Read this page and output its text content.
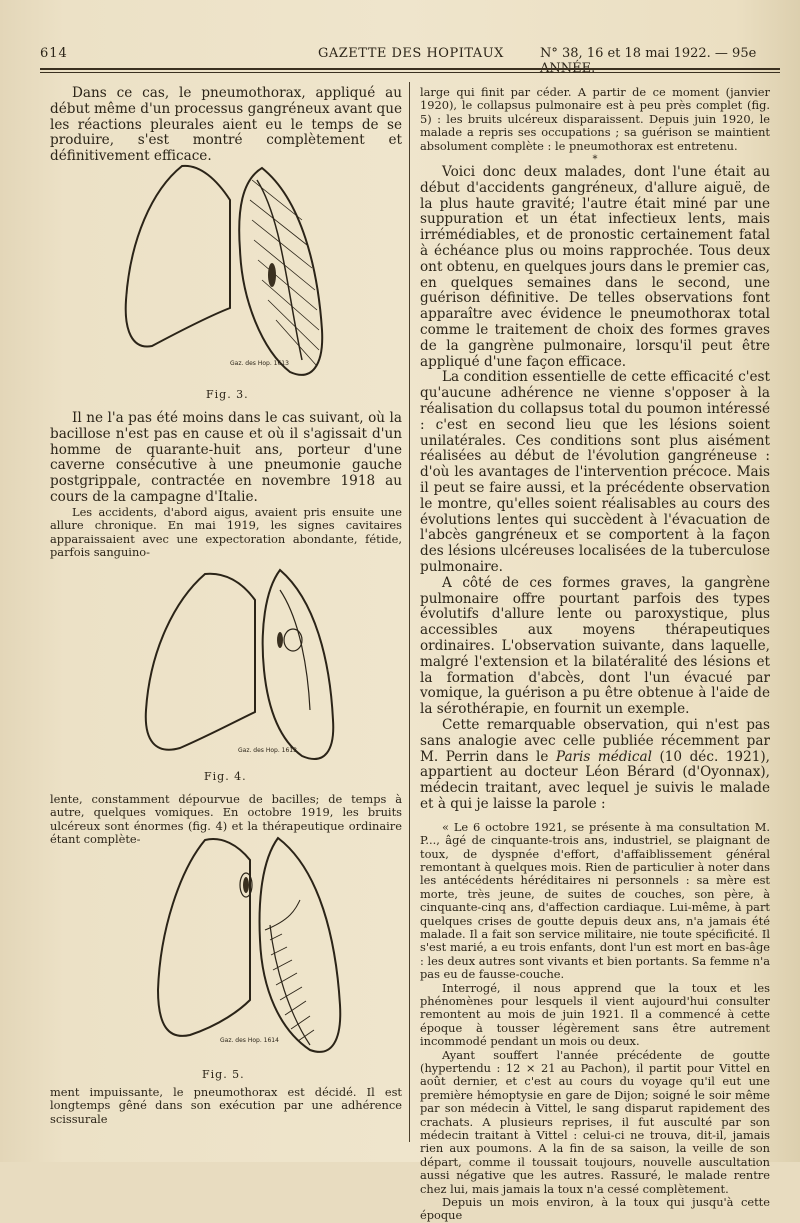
614	GAZETTE DES HOPITAUX	N° 38, 16 et 18 mai 1922. — 95e ANNÉE.

Dans ce cas, le pneumothorax, appliqué au début même d'un processus gangréneux avant que les réactions pleurales aient eu le temps de se produire, s'est montré complètement et définitivement efficace.

Gaz. des Hop. 1613
Fig. 3.

Il ne l'a pas été moins dans le cas suivant, où la bacillose n'est pas en cause et où il s'agissait d'un homme de quarante-huit ans, porteur d'une caverne consécutive à une pneumonie gauche postgrippale, contractée en novembre 1918 au cours de la campagne d'Italie.

Les accidents, d'abord aigus, avaient pris ensuite une allure chronique. En mai 1919, les signes cavitaires apparaissaient avec une expectoration abondante, fétide, parfois sanguino-

Gaz. des Hop. 1613
Fig. 4.

lente, constamment dépourvue de bacilles; de temps à autre, quelques vomiques. En octobre 1919, les bruits ulcéreux sont énormes (fig. 4) et la thérapeutique ordinaire étant complète-

Gaz. des Hop. 1614
Fig. 5.

ment impuissante, le pneumothorax est décidé. Il est longtemps gêné dans son exécution par une adhérence scissurale

large qui finit par céder. A partir de ce moment (janvier 1920), le collapsus pulmonaire est à peu près complet (fig. 5) : les bruits ulcéreux disparaissent. Depuis juin 1920, le malade a repris ses occupations ; sa guérison se maintient absolument complète : le pneumothorax est entretenu.

*

Voici donc deux malades, dont l'une était au début d'accidents gangréneux, d'allure aiguë, de la plus haute gravité; l'autre était miné par une suppuration et un état infectieux lents, mais irrémédiables, et de pronostic certainement fatal à échéance plus ou moins rapprochée. Tous deux ont obtenu, en quelques jours dans le premier cas, en quelques semaines dans le second, une guérison définitive. De telles observations font apparaître avec évidence le pneumothorax total comme le traitement de choix des formes graves de la gangrène pulmonaire, lorsqu'il peut être appliqué d'une façon efficace.

La condition essentielle de cette efficacité c'est qu'aucune adhérence ne vienne s'opposer à la réalisation du collapsus total du poumon intéressé : c'est en second lieu que les lésions soient unilatérales. Ces conditions sont plus aisément réalisées au début de l'évolution gangréneuse : d'où les avantages de l'intervention précoce. Mais il peut se faire aussi, et la précédente observation le montre, qu'elles soient réalisables au cours des évolutions lentes qui succèdent à l'évacuation de l'abcès gangréneux et se comportent à la façon des lésions ulcéreuses localisées de la tuberculose pulmonaire.

A côté de ces formes graves, la gangrène pulmonaire offre pourtant parfois des types évolutifs d'allure lente ou paroxystique, plus accessibles aux moyens thérapeutiques ordinaires. L'observation suivante, dans laquelle, malgré l'extension et la bilatéralité des lésions et la formation d'abcès, dont l'un évacué par vomique, la guérison a pu être obtenue à l'aide de la sérothérapie, en fournit un exemple.

Cette remarquable observation, qui n'est pas sans analogie avec celle publiée récemment par M. Perrin dans le Paris médical (10 déc. 1921), appartient au docteur Léon Bérard (d'Oyonnax), médecin traitant, avec lequel je suivis le malade et à qui je laisse la parole :

« Le 6 octobre 1921, se présente à ma consultation M. P..., âgé de cinquante-trois ans, industriel, se plaignant de toux, de dyspnée d'effort, d'affaiblissement général remontant à quelques mois. Rien de particulier à noter dans les antécédents héréditaires ni personnels : sa mère est morte, très jeune, de suites de couches, son père, à cinquante-cinq ans, d'affection cardiaque. Lui-même, à part quelques crises de goutte depuis deux ans, n'a jamais été malade. Il a fait son service militaire, nie toute spécificité. Il s'est marié, a eu trois enfants, dont l'un est mort en bas-âge : les deux autres sont vivants et bien portants. Sa femme n'a pas eu de fausse-couche.

Interrogé, il nous apprend que la toux et les phénomènes pour lesquels il vient aujourd'hui consulter remontent au mois de juin 1921. Il a commencé à cette époque à tousser légèrement sans être autrement incommodé pendant un mois ou deux.

Ayant souffert l'année précédente de goutte (hypertendu : 12 × 21 au Pachon), il partit pour Vittel en août dernier, et c'est au cours du voyage qu'il eut une première hémoptysie en gare de Dijon; soigné le soir même par son médecin à Vittel, le sang disparut rapidement des crachats. A plusieurs reprises, il fut ausculté par son médecin traitant à Vittel : celui-ci ne trouva, dit-il, jamais rien aux poumons. A la fin de sa saison, la veille de son départ, comme il toussait toujours, nouvelle auscultation aussi négative que les autres. Rassuré, le malade rentre chez lui, mais jamais la toux n'a cessé complètement.

Depuis un mois environ, à la toux qui jusqu'à cette époque
